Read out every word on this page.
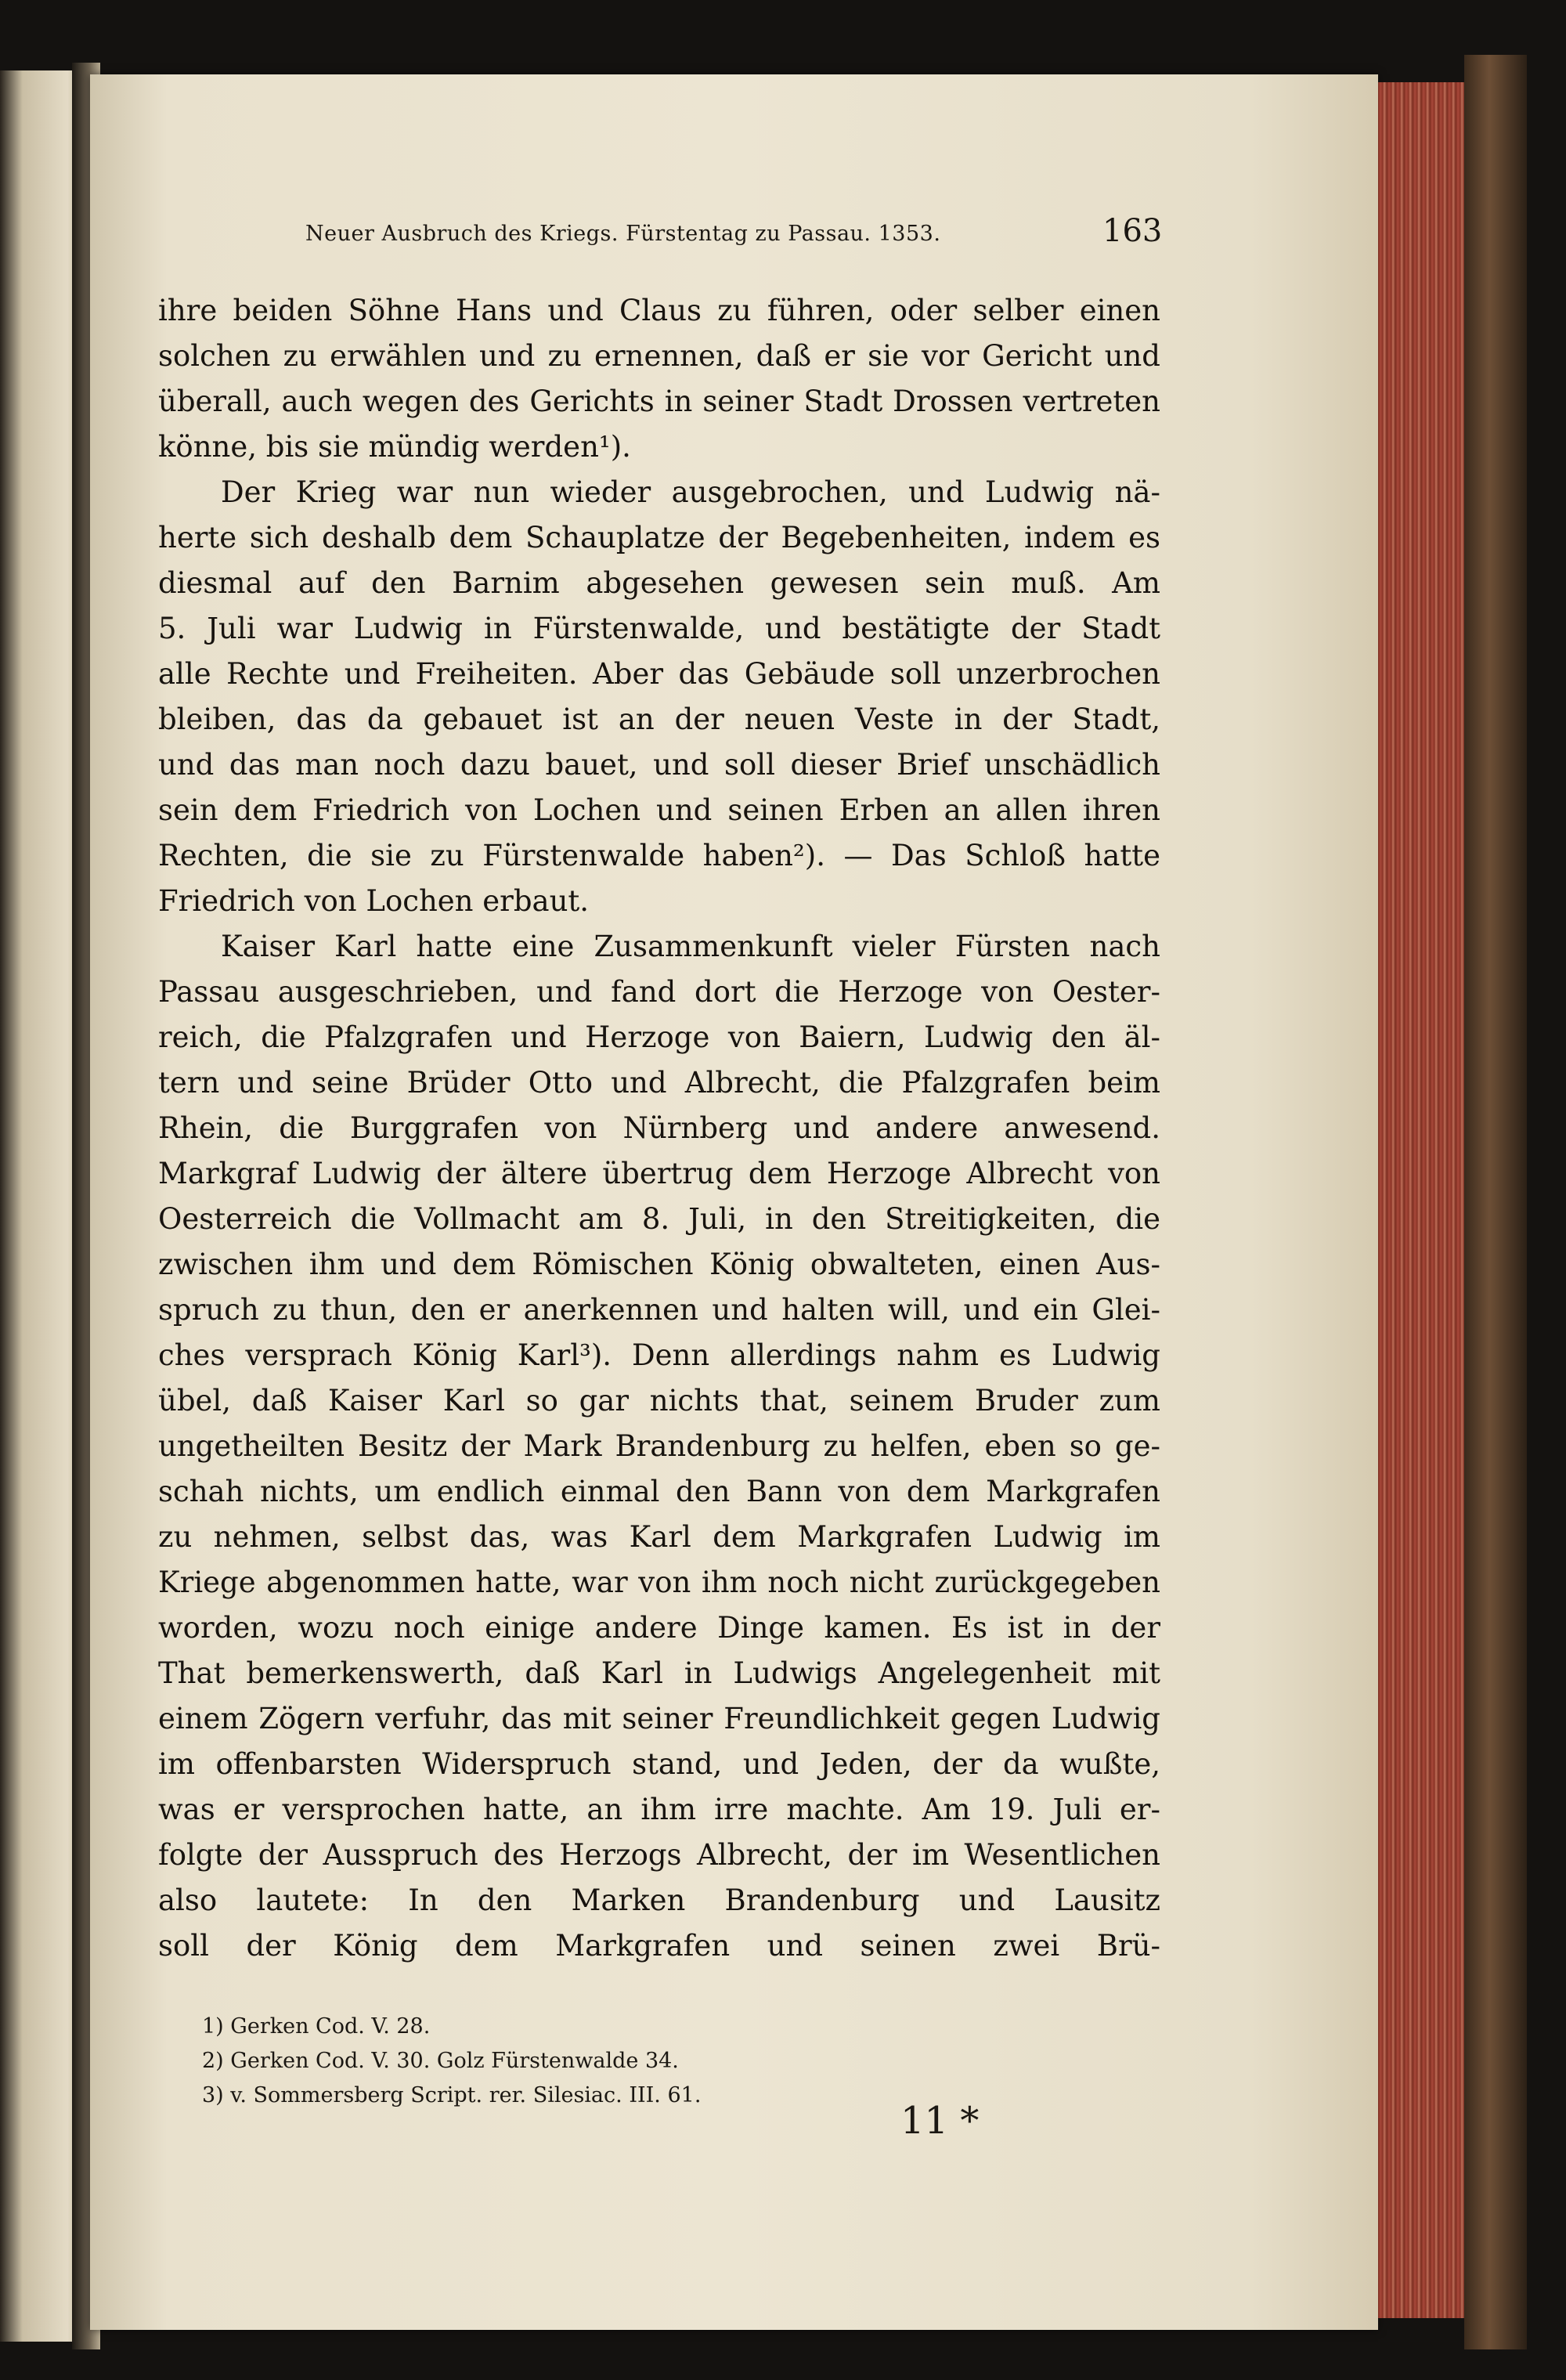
Neuer Ausbruch des Kriegs. Fürstentag zu Passau. 1353.	163
ihre beiden Söhne Hans und Claus zu führen, oder selber einen
solchen zu erwählen und zu ernennen, daß er sie vor Gericht und
überall, auch wegen des Gerichts in seiner Stadt Drossen vertreten
könne, bis sie mündig werden¹).
Der Krieg war nun wieder ausgebrochen, und Ludwig nä-
herte sich deshalb dem Schauplatze der Begebenheiten, indem es
diesmal auf den Barnim abgesehen gewesen sein muß. Am
5. Juli war Ludwig in Fürstenwalde, und bestätigte der Stadt
alle Rechte und Freiheiten. Aber das Gebäude soll unzerbrochen
bleiben, das da gebauet ist an der neuen Veste in der Stadt,
und das man noch dazu bauet, und soll dieser Brief unschädlich
sein dem Friedrich von Lochen und seinen Erben an allen ihren
Rechten, die sie zu Fürstenwalde haben²). — Das Schloß hatte
Friedrich von Lochen erbaut.
Kaiser Karl hatte eine Zusammenkunft vieler Fürsten nach
Passau ausgeschrieben, und fand dort die Herzoge von Oester-
reich, die Pfalzgrafen und Herzoge von Baiern, Ludwig den äl-
tern und seine Brüder Otto und Albrecht, die Pfalzgrafen beim
Rhein, die Burggrafen von Nürnberg und andere anwesend.
Markgraf Ludwig der ältere übertrug dem Herzoge Albrecht von
Oesterreich die Vollmacht am 8. Juli, in den Streitigkeiten, die
zwischen ihm und dem Römischen König obwalteten, einen Aus-
spruch zu thun, den er anerkennen und halten will, und ein Glei-
ches versprach König Karl³). Denn allerdings nahm es Ludwig
übel, daß Kaiser Karl so gar nichts that, seinem Bruder zum
ungetheilten Besitz der Mark Brandenburg zu helfen, eben so ge-
schah nichts, um endlich einmal den Bann von dem Markgrafen
zu nehmen, selbst das, was Karl dem Markgrafen Ludwig im
Kriege abgenommen hatte, war von ihm noch nicht zurückgegeben
worden, wozu noch einige andere Dinge kamen. Es ist in der
That bemerkenswerth, daß Karl in Ludwigs Angelegenheit mit
einem Zögern verfuhr, das mit seiner Freundlichkeit gegen Ludwig
im offenbarsten Widerspruch stand, und Jeden, der da wußte,
was er versprochen hatte, an ihm irre machte. Am 19. Juli er-
folgte der Ausspruch des Herzogs Albrecht, der im Wesentlichen
also lautete: In den Marken Brandenburg und Lausitz
soll der König dem Markgrafen und seinen zwei Brü-
1) Gerken Cod. V. 28.
2) Gerken Cod. V. 30. Golz Fürstenwalde 34.
3) v. Sommersberg Script. rer. Silesiac. III. 61.
11 *
